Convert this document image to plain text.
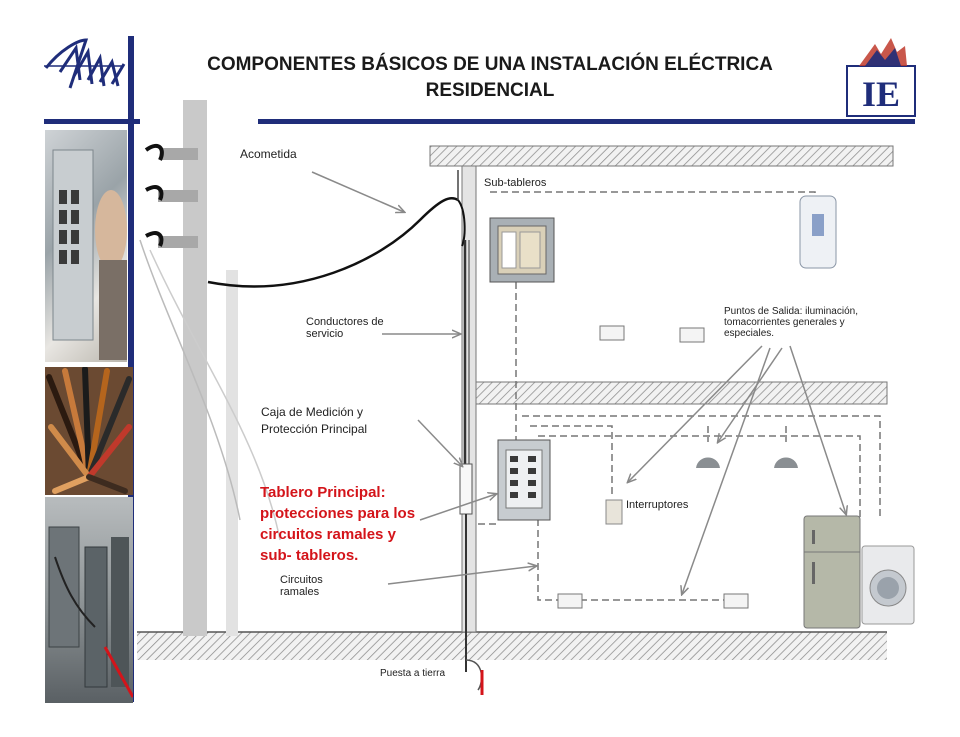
COMPONENTES BÁSICOS DE UNA INSTALACIÓN ELÉCTRICA
RESIDENCIAL	IE
Acometida
Sub-tableros
Conductores de
servicio
Caja de Medición y
Protección Principal
Puntos de Salida: iluminación,
tomacorrientes generales y
especiales.
Tablero Principal:
protecciones para los
circuitos ramales y
sub- tableros.
Interruptores
Circuitos
ramales
Puesta a tierra
